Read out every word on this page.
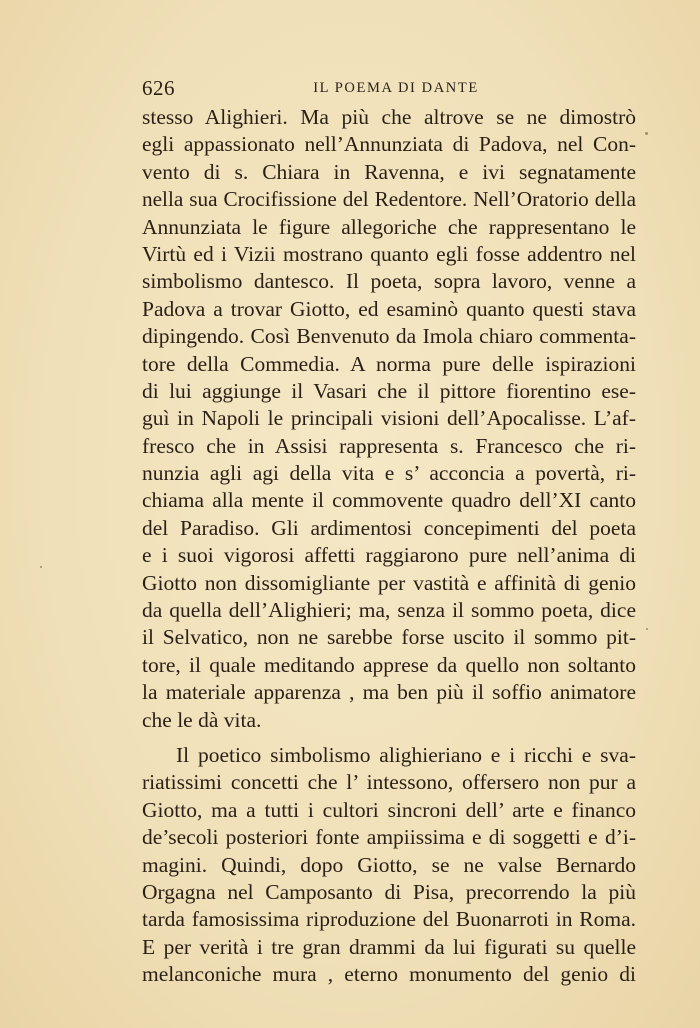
626	IL POEMA DI DANTE
stesso Alighieri. Ma più che altrove se ne dimostrò
egli appassionato nell’Annunziata di Padova, nel Con-
vento di s. Chiara in Ravenna, e ivi segnatamente
nella sua Crocifissione del Redentore. Nell’Oratorio della
Annunziata le figure allegoriche che rappresentano le
Virtù ed i Vizii mostrano quanto egli fosse addentro nel
simbolismo dantesco. Il poeta, sopra lavoro, venne a
Padova a trovar Giotto, ed esaminò quanto questi stava
dipingendo. Così Benvenuto da Imola chiaro commenta-
tore della Commedia. A norma pure delle ispirazioni
di lui aggiunge il Vasari che il pittore fiorentino ese-
guì in Napoli le principali visioni dell’Apocalisse. L’af-
fresco che in Assisi rappresenta s. Francesco che ri-
nunzia agli agi della vita e s’ acconcia a povertà, ri-
chiama alla mente il commovente quadro dell’XI canto
del Paradiso. Gli ardimentosi concepimenti del poeta
e i suoi vigorosi affetti raggiarono pure nell’anima di
Giotto non dissomigliante per vastità e affinità di genio
da quella dell’Alighieri; ma, senza il sommo poeta, dice
il Selvatico, non ne sarebbe forse uscito il sommo pit-
tore, il quale meditando apprese da quello non soltanto
la materiale apparenza , ma ben più il soffio animatore
che le dà vita.
Il poetico simbolismo alighieriano e i ricchi e sva-
riatissimi concetti che l’ intessono, offersero non pur a
Giotto, ma a tutti i cultori sincroni dell’ arte e financo
de’secoli posteriori fonte ampiissima e di soggetti e d’i-
magini. Quindi, dopo Giotto, se ne valse Bernardo
Orgagna nel Camposanto di Pisa, precorrendo la più
tarda famosissima riproduzione del Buonarroti in Roma.
E per verità i tre gran drammi da lui figurati su quelle
melanconiche mura , eterno monumento del genio di
